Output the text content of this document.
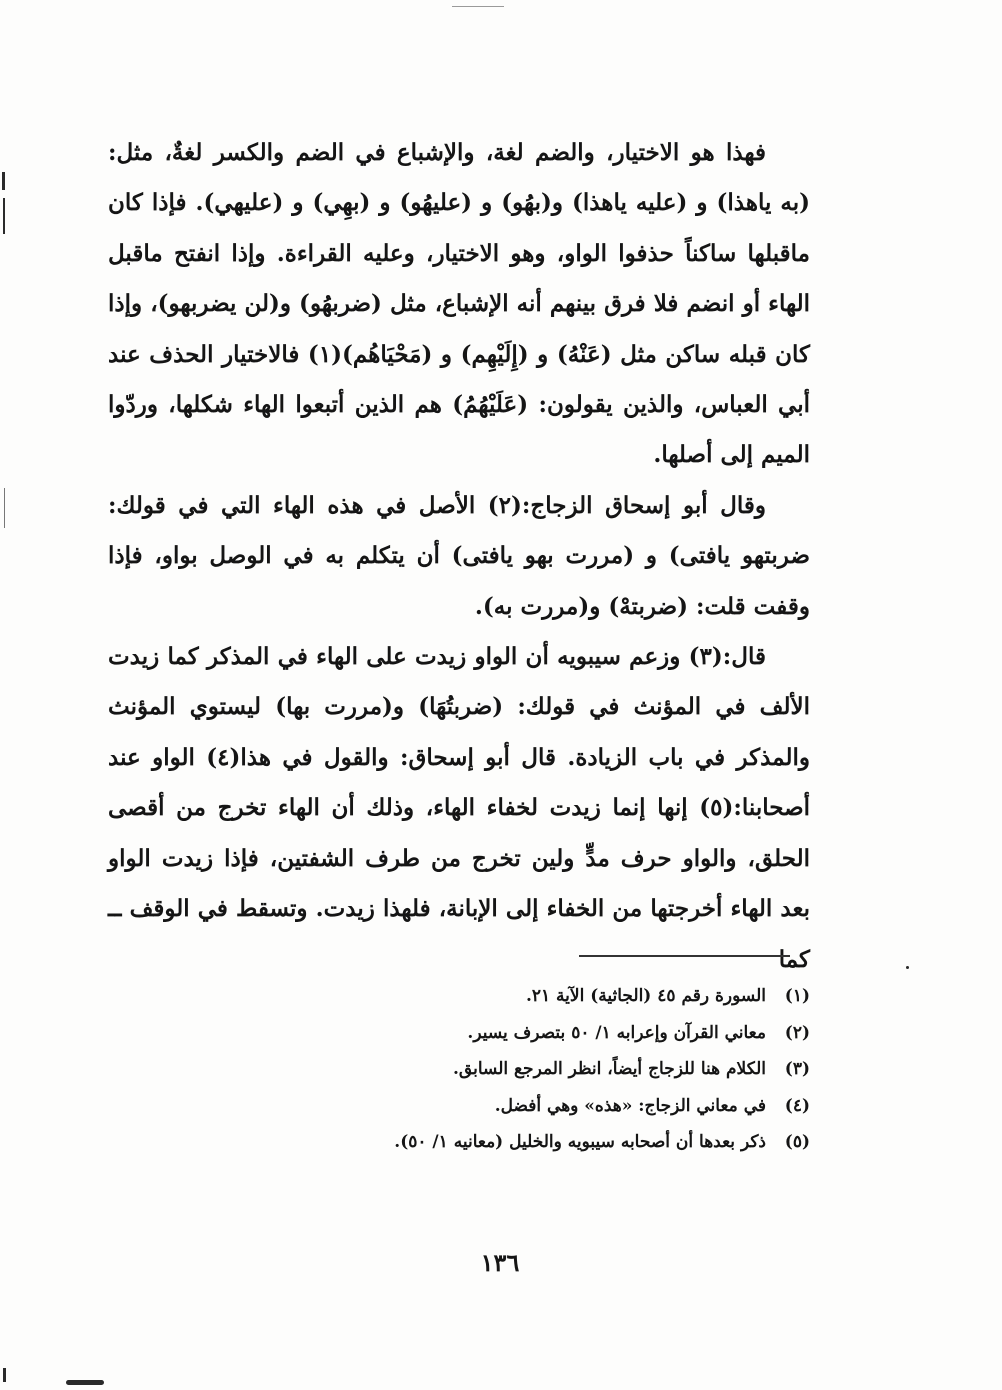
فهذا هو الاختيار، والضم لغة، والإشباع في الضم والكسر لغةٌ، مثل: (به ياهذا) و (عليه ياهذا) و(بهُو) و (عليهُو) و (بهِي) و (عليهي). فإذا كان ماقبلها ساكناً حذفوا الواو، وهو الاختيار، وعليه القراءة. وإذا انفتح ماقبل الهاء أو انضم فلا فرق بينهم أنه الإشباع، مثل (ضربهُو) و(لن يضربهو)، وإذا كان قبله ساكن مثل (عَنْهُ) و (إِلَيْهِم) و (مَحْيَاهُم)(١) فالاختيار الحذف عند أبي العباس، والذين يقولون: (عَلَيْهُمُ) هم الذين أتبعوا الهاء شكلها، وردّوا الميم إلى أصلها.

وقال أبو إسحاق الزجاج:(٢) الأصل في هذه الهاء التي في قولك: ضربتهو يافتى) و (مررت بهو يافتى) أن يتكلم به في الوصل بواو، فإذا وقفت قلت: (ضربتهْ) و(مررت به).

قال:(٣) وزعم سيبويه أن الواو زيدت على الهاء في المذكر كما زيدت الألف في المؤنث في قولك: (ضربتُهَا) و(مررت بها) ليستوي المؤنث والمذكر في باب الزيادة. قال أبو إسحاق: والقول في هذا(٤) الواو عند أصحابنا:(٥) إنها إنما زيدت لخفاء الهاء، وذلك أن الهاء تخرج من أقصى الحلق، والواو حرف مدٍّ ولين تخرج من طرف الشفتين، فإذا زيدت الواو بعد الهاء أخرجتها من الخفاء إلى الإبانة، فلهذا زيدت. وتسقط في الوقف ــ كما

(١)السورة رقم ٤٥ (الجاثية) الآية ٢١.
(٢)معاني القرآن وإعرابه ١/ ٥٠ بتصرف يسير.
(٣)الكلام هنا للزجاج أيضاً، انظر المرجع السابق.
(٤)في معاني الزجاج: «هذه» وهي أفضل.
(٥)ذكر بعدها أن أصحابه سيبويه والخليل (معانيه ١/ ٥٠).
١٣٦
